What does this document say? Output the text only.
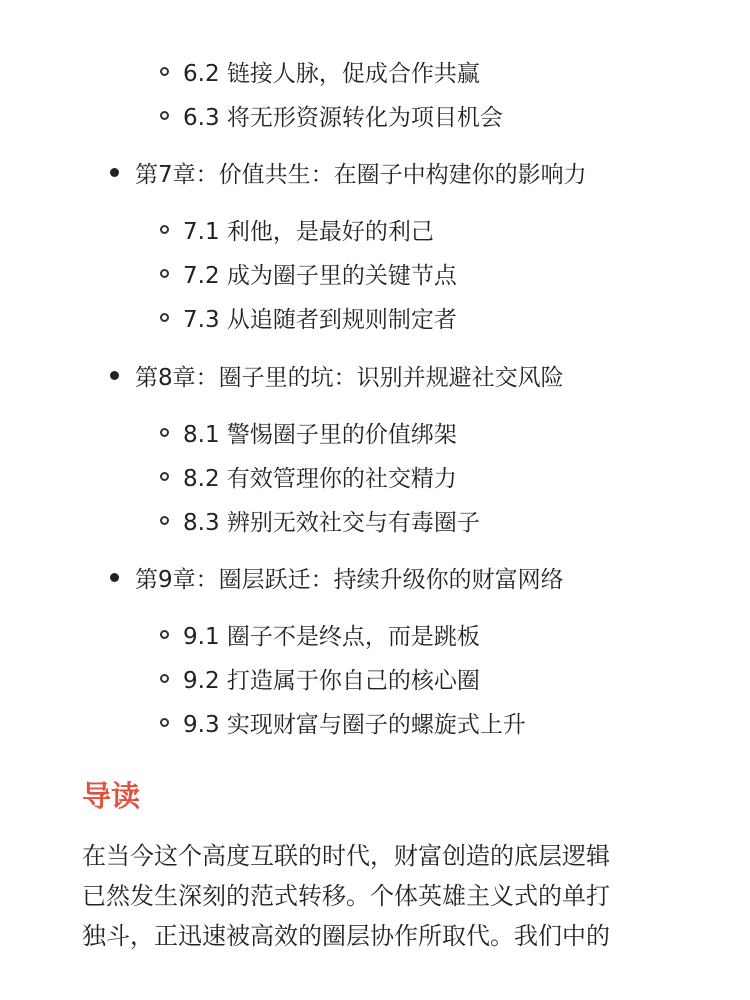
6.2 链接人脉，促成合作共赢
6.3 将无形资源转化为项目机会
第7章：价值共生：在圈子中构建你的影响力
7.1 利他，是最好的利己
7.2 成为圈子里的关键节点
7.3 从追随者到规则制定者
第8章：圈子里的坑：识别并规避社交风险
8.1 警惕圈子里的价值绑架
8.2 有效管理你的社交精力
8.3 辨别无效社交与有毒圈子
第9章：圈层跃迁：持续升级你的财富网络
9.1 圈子不是终点，而是跳板
9.2 打造属于你自己的核心圈
9.3 实现财富与圈子的螺旋式上升
导读
在当今这个高度互联的时代，财富创造的底层逻辑
已然发生深刻的范式转移。个体英雄主义式的单打
独斗，正迅速被高效的圈层协作所取代。我们中的
